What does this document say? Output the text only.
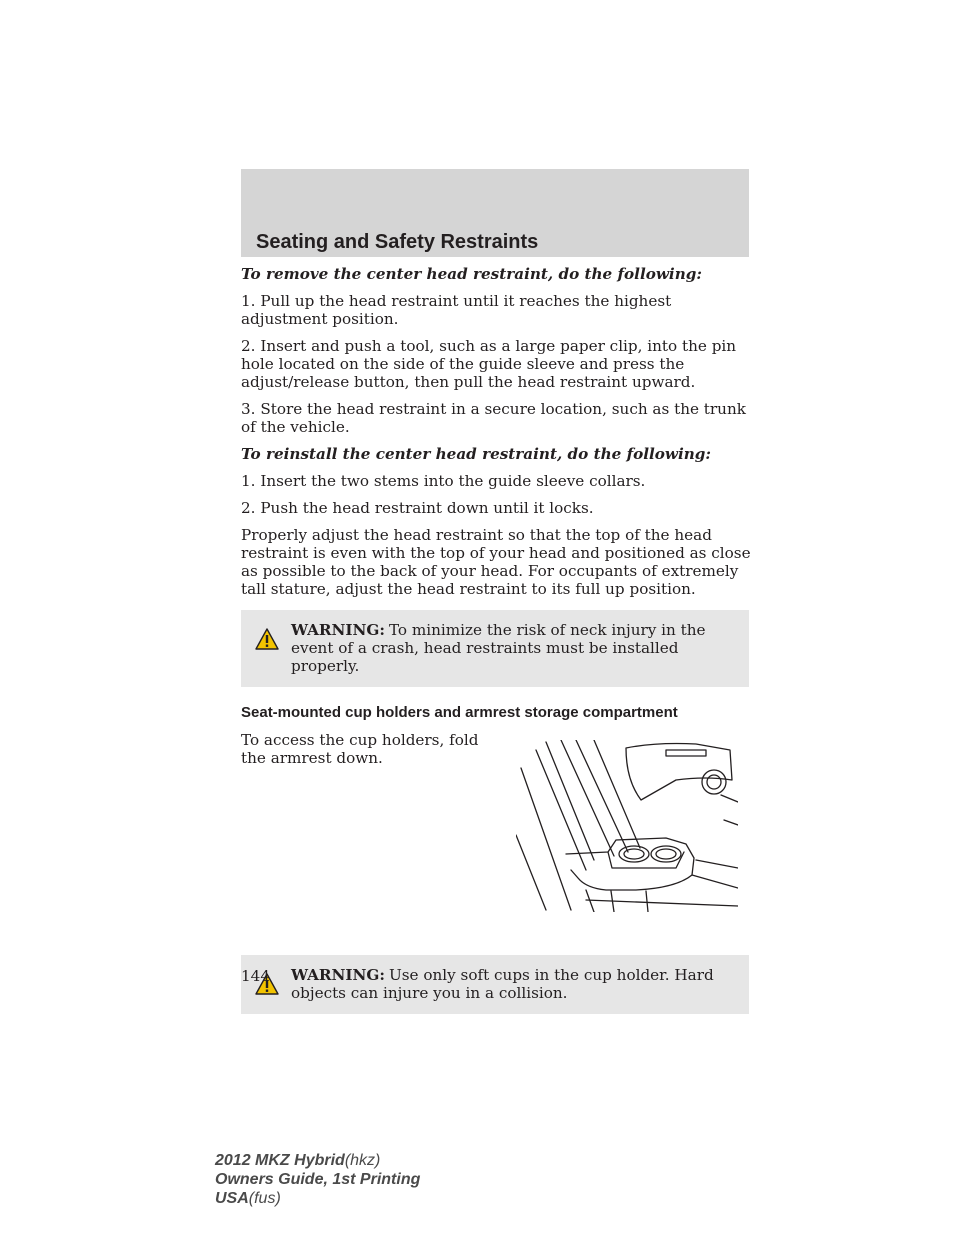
Seating and Safety Restraints

To remove the center head restraint, do the following:

1. Pull up the head restraint until it reaches the highest adjustment position.

2. Insert and push a tool, such as a large paper clip, into the pin hole located on the side of the guide sleeve and press the adjust/release button, then pull the head restraint upward.

3. Store the head restraint in a secure location, such as the trunk of the vehicle.

To reinstall the center head restraint, do the following:

1. Insert the two stems into the guide sleeve collars.

2. Push the head restraint down until it locks.

Properly adjust the head restraint so that the top of the head restraint is even with the top of your head and positioned as close as possible to the back of your head. For occupants of extremely tall stature, adjust the head restraint to its full up position.

WARNING: To minimize the risk of neck injury in the event of a crash, head restraints must be installed properly.
Seat-mounted cup holders and armrest storage compartment

To access the cup holders, fold the armrest down.

WARNING: Use only soft cups in the cup holder. Hard objects can injure you in a collision.
144
2012 MKZ Hybrid(hkz)
Owners Guide, 1st Printing
USA(fus)
